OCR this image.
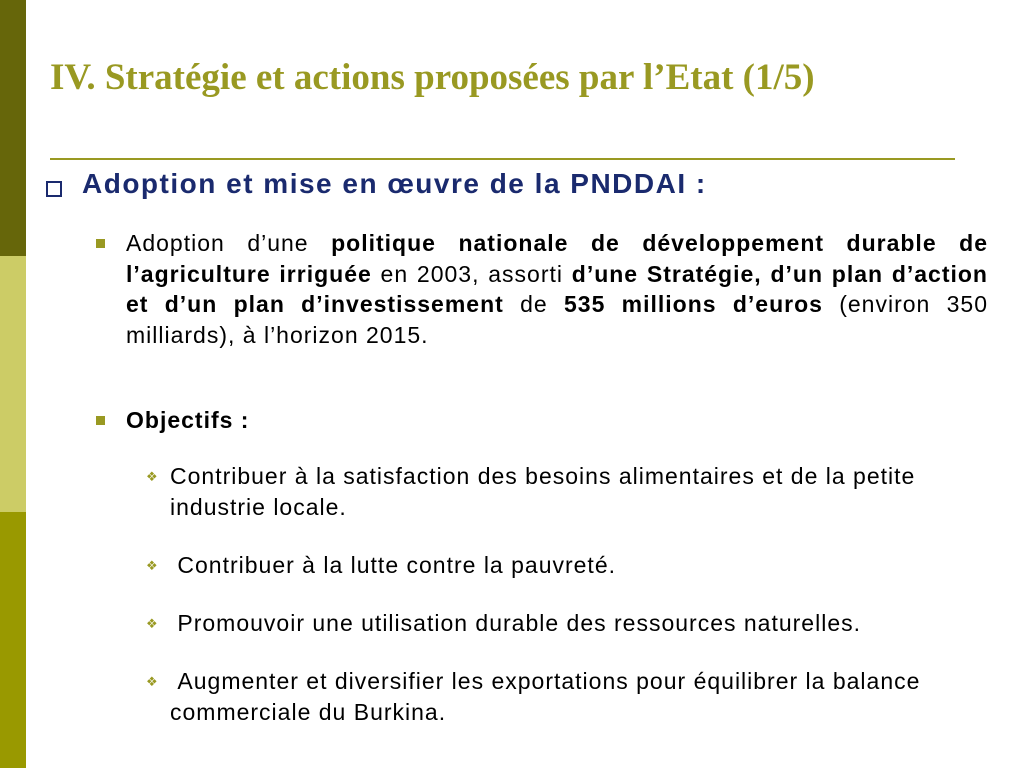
IV. Stratégie et actions proposées par l’Etat (1/5)
Adoption et mise en œuvre de la PNDDAI :
Adoption d’une politique nationale de développement durable de l’agriculture irriguée en 2003, assorti d’une Stratégie, d’un plan d’action et d’un plan d’investissement de 535 millions d’euros (environ 350 milliards), à l’horizon 2015.
Objectifs :
❖ Contribuer à la satisfaction des besoins alimentaires et de la petite industrie locale.
❖ Contribuer à la lutte contre la pauvreté.
❖ Promouvoir une utilisation durable des ressources naturelles.
❖ Augmenter et diversifier les exportations pour équilibrer la balance commerciale du Burkina.
